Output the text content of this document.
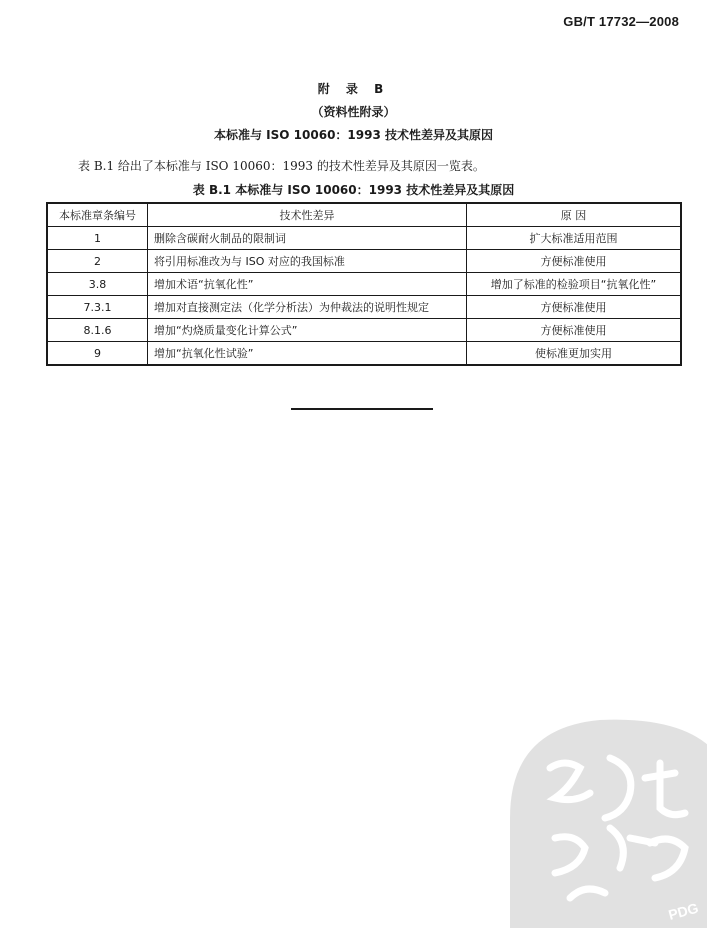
GB/T 17732—2008
附 录 B
（资料性附录）
本标准与 ISO 10060：1993 技术性差异及其原因
表 B.1 给出了本标准与 ISO 10060：1993 的技术性差异及其原因一览表。
表 B.1 本标准与 ISO 10060：1993 技术性差异及其原因
本标准章条编号	技术性差异	原 因
1	删除含碳耐火制品的限制词	扩大标准适用范围
2	将引用标准改为与 ISO 对应的我国标准	方便标准使用
3.8	增加术语“抗氧化性”	增加了标准的检验项目“抗氧化性”
7.3.1	增加对直接测定法（化学分析法）为仲裁法的说明性规定	方便标准使用
8.1.6	增加“灼烧质量变化计算公式”	方便标准使用
9	增加“抗氧化性试验”	使标准更加实用
PDG
